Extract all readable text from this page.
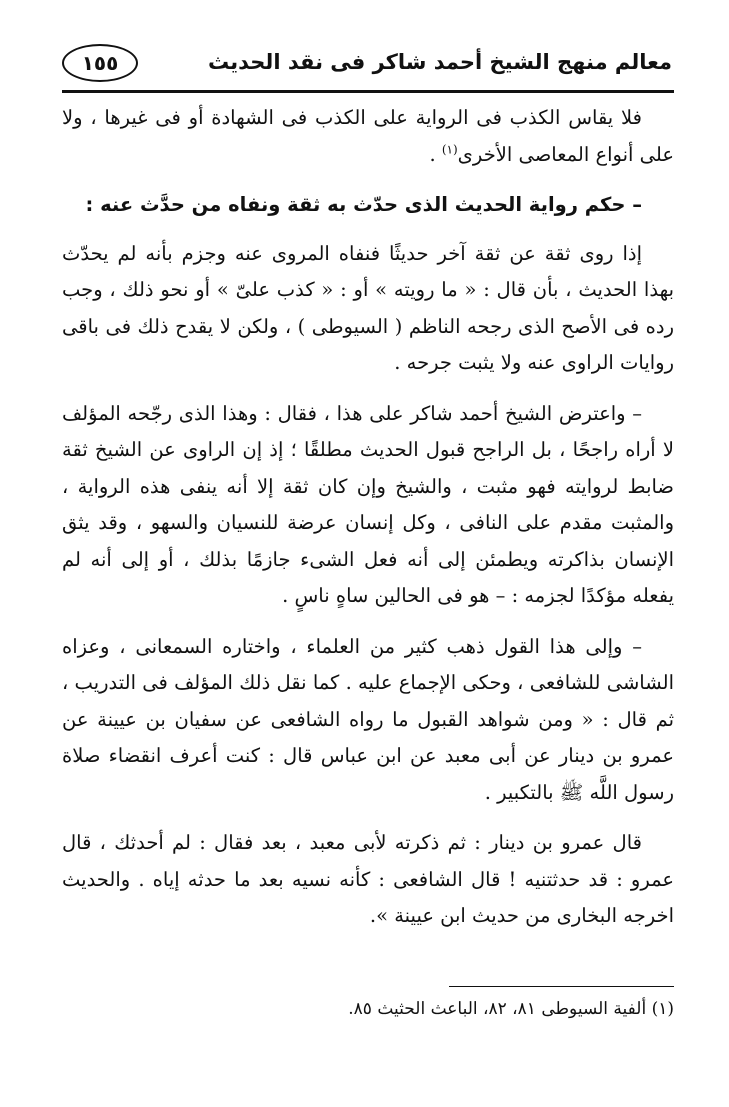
معالم منهج الشيخ أحمد شاكر فى نقد الحديث
١٥٥

فلا يقاس الكذب فى الرواية على الكذب فى الشهادة أو فى غيرها ، ولا على أنواع المعاصى الأخرى$^{(١)}$ .

– حكم رواية الحديث الذى حدّث به ثقة ونفاه من حدَّث عنه :

إذا روى ثقة عن ثقة آخر حديثًا فنفاه المروى عنه وجزم بأنه لم يحدّث بهذا الحديث ، بأن قال : « ما رويته » أو : « كذب علىّ » أو نحو ذلك ، وجب رده فى الأصح الذى رجحه الناظم ( السيوطى ) ، ولكن لا يقدح ذلك فى باقى روايات الراوى عنه ولا يثبت جرحه .

– واعترض الشيخ أحمد شاكر على هذا ، فقال : وهذا الذى رجّحه المؤلف لا أراه راجحًا ، بل الراجح قبول الحديث مطلقًا ؛ إذ إن الراوى عن الشيخ ثقة ضابط لروايته فهو مثبت ، والشيخ وإن كان ثقة إلا أنه ينفى هذه الرواية ، والمثبت مقدم على النافى ، وكل إنسان عرضة للنسيان والسهو ، وقد يثق الإنسان بذاكرته ويطمئن إلى أنه فعل الشىء جازمًا بذلك ، أو إلى أنه لم يفعله مؤكدًا لجزمه : – هو فى الحالين ساهٍ ناسٍ .

– وإلى هذا القول ذهب كثير من العلماء ، واختاره السمعانى ، وعزاه الشاشى للشافعى ، وحكى الإجماع عليه . كما نقل ذلك المؤلف فى التدريب ، ثم قال : « ومن شواهد القبول ما رواه الشافعى عن سفيان بن عيينة عن عمرو بن دينار عن أبى معبد عن ابن عباس قال : كنت أعرف انقضاء صلاة رسول اللَّه ﷺ بالتكبير .

قال عمرو بن دينار : ثم ذكرته لأبى معبد ، بعد فقال : لم أحدثك ، قال عمرو : قد حدثتنيه ! قال الشافعى : كأنه نسيه بعد ما حدثه إياه . والحديث اخرجه البخارى من حديث ابن عيينة ».

(١) ألفية السيوطى ٨١، ٨٢، الباعث الحثيث ٨٥.
